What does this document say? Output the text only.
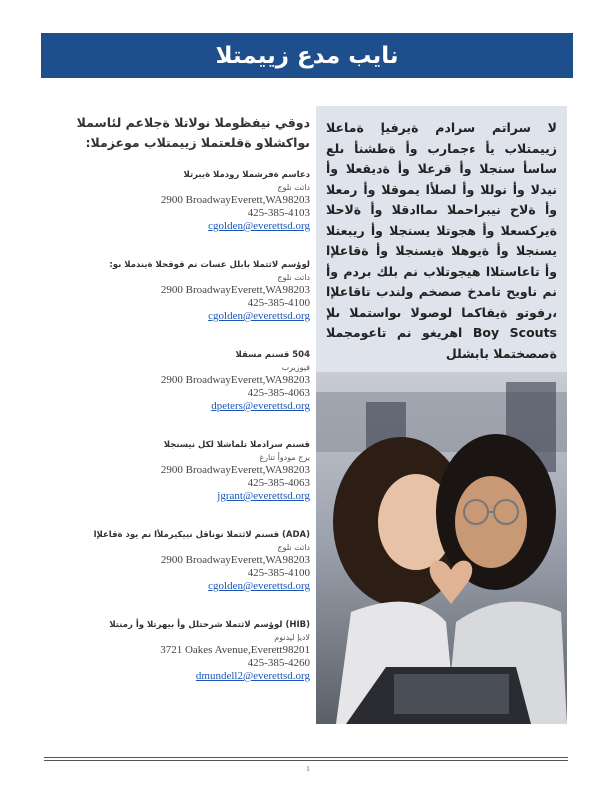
نايب مدع زييمتلا

دوقي نيفظوملا نولاتلا ةجلاعم لئاسملا ىواكشلاو ةقلعتملا زييمتلاب موعزملا:

دعاسم ةفرشملا رودملا ةيبرتلا
داتت نلوج
2900 BroadwayEverett,WA98203
425-385-4103
cgolden@everettsd.org
لوؤسم لاثتملا بابلل عسات نم قوقحلا ةيندملا ىو:
داتت نلوج
2900 BroadwayEverett,WA98203
425-385-4100
cgolden@everettsd.org
504 قسنم مسقلا
فيوزيرب
2900 BroadwayEverett,WA98203
425-385-4063
dpeters@everettsd.org
قسنم سرادملا تلماشلا لكل نيسنجلا
يرج مودوأ تنارغ
2900 BroadwayEverett,WA98203
425-385-4063
jgrant@everettsd.org
(ADA) قسنم لاثتملا نوناقل نييكيرملأا نم يوذ ةقاعلإا
داتت نلوج
2900 BroadwayEverett,WA98203
425-385-4100
cgolden@everettsd.org
(HIB) لوؤسم لاثتملا شرحتلل وأ بيهرتلا وأ رمنتلا
لاديإ ليدنوم
3721 Oakes Avenue,Everett98201
425-385-4260
dmundell2@everettsd.org

لا سراتم سرادم ةيرفيإ ةماعلا زييمتلاب يأ ءجمارب وأ ةطشنأ ىلع ساسأ سنجلا وأ قرعلا وأ ةديقعلا وأ نيدلا وأ نوللا وأ لصلأا يموقلا وأ رمعلا وأ ةلاح نيبراحملا ىماادقلا وأ ةلاحلا ةيركسعلا وأ هجوتلا يسنجلا وأ ريبعتلا يسنجلا وأ ةيوهلا ةيسنجلا وأ ةقاعلإا وأ تاعاستلاا هيجوتلاب نم بلك بردم وأ نم ناويح تامدخ صصخم ولندب تاقاعلإا ،رفوتو ةيفاكما لوصولا ىواستملا ىلإ Boy Scouts اهريغو نم تاعومجملا ةصصختملا بابشلل

1
